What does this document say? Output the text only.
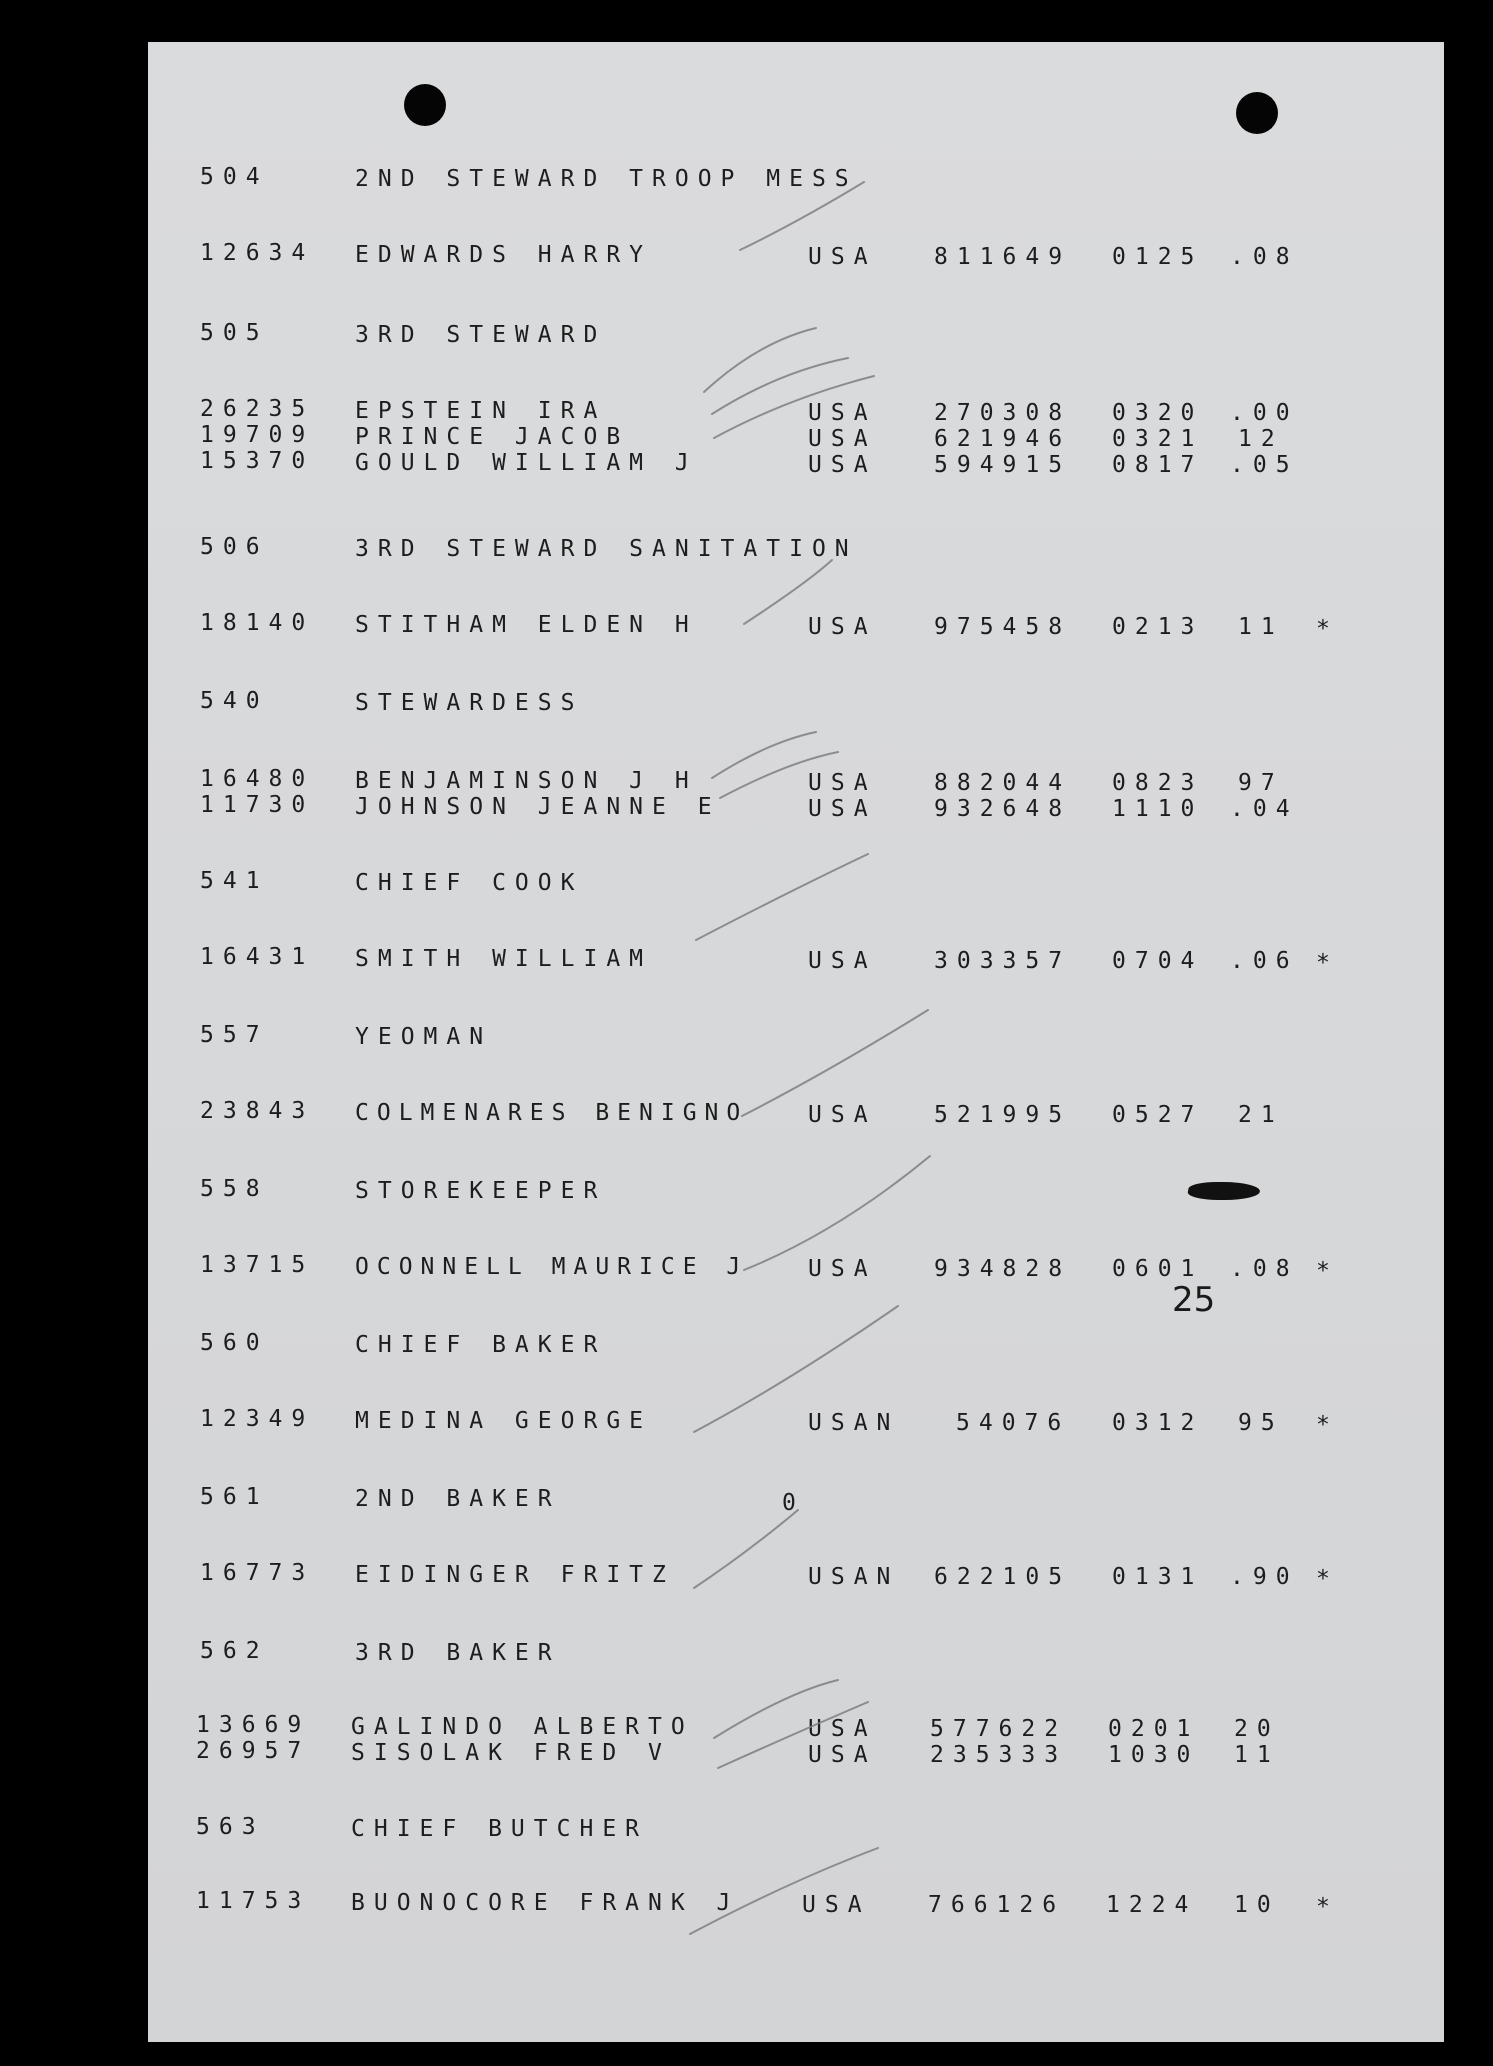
504	2ND STEWARD TROOP MESS
12634 EDWARDS HARRY	USA 811649 0125 .08
505	3RD STEWARD
26235 EPSTEIN IRA	USA 270308 0320 .00
19709 PRINCE JACOB	USA 621946 0321 12
15370 GOULD WILLIAM J	USA 594915 0817 .05
506	3RD STEWARD SANITATION
18140 STITHAM ELDEN H	USA 975458 0213 11 *
540	STEWARDESS
16480 BENJAMINSON J H	USA 882044 0823 97
11730 JOHNSON JEANNE E	USA 932648 1110 .04
541	CHIEF COOK
16431 SMITH WILLIAM	USA 303357 0704 .06 *
557	YEOMAN
23843 COLMENARES BENIGNO	USA 521995 0527 21
558	STOREKEEPER
13715 OCONNELL MAURICE J	USA 934828 0601 .08 *
25
560	CHIEF BAKER
12349 MEDINA GEORGE	USAN 54076 0312 95 *
561	2ND BAKER	0
16773 EIDINGER FRITZ	USAN 622105 0131 .90 *
562	3RD BAKER
13669 GALINDO ALBERTO	USA 577622 0201 20
26957 SISOLAK FRED V	USA 235333 1030 11
563	CHIEF BUTCHER
11753 BUONOCORE FRANK J	USA 766126 1224 10 *
